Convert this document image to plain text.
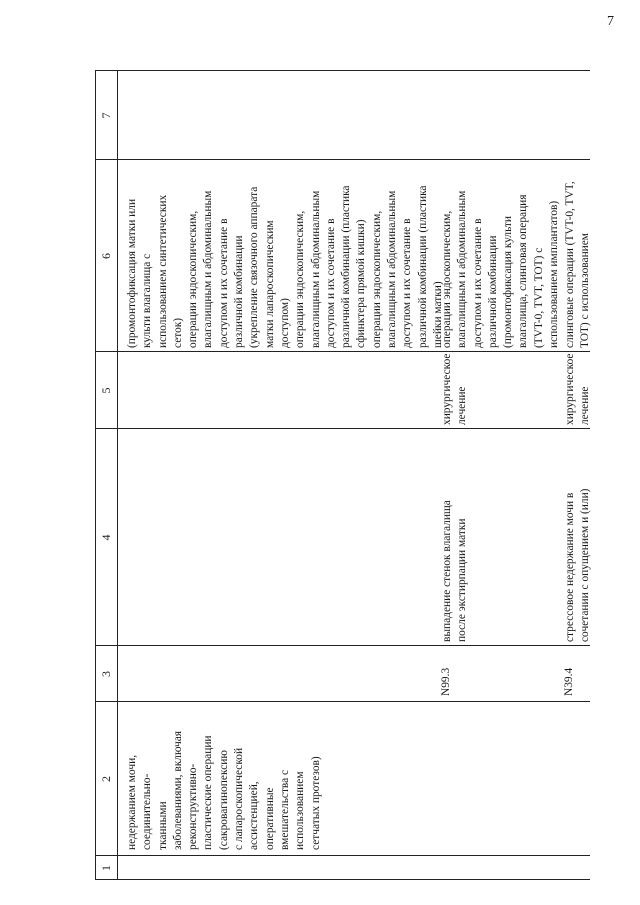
7
1
2
3
4
5
6
7

недержанием мочи, соединительно- тканными заболеваниями, включая реконструктивно- пластические операции (сакровагинопексию с лапароскопической ассистенцией, оперативные вмешательства с использованием сетчатых протезов)

(промонтофиксация матки или культи влагалища с использованием синтетических сеток) операции эндоскопическим, влагалищным и абдоминальным доступом и их сочетание в различной комбинации (укрепление связочного аппарата матки лапароскопическим доступом) операции эндоскопическим, влагалищным и абдоминальным доступом и их сочетание в различной комбинации (пластика сфинктера прямой кишки) операции эндоскопическим, влагалищным и абдоминальным доступом и их сочетание в различной комбинации (пластика шейки матки)

N99.3

выпадение стенок влагалища после экстирпации матки

хирургическое лечение

операции эндоскопическим, влагалищным и абдоминальным доступом и их сочетание в различной комбинации (промонтофиксация культи влагалища, слинговая операция (TVT-0, TVT, TOT) с использованием имплантатов)

N39.4

стрессовое недержание мочи в сочетании с опущением и (или)

хирургическое лечение

слинговые операции (TVT-0, TVT, TOT) с использованием
